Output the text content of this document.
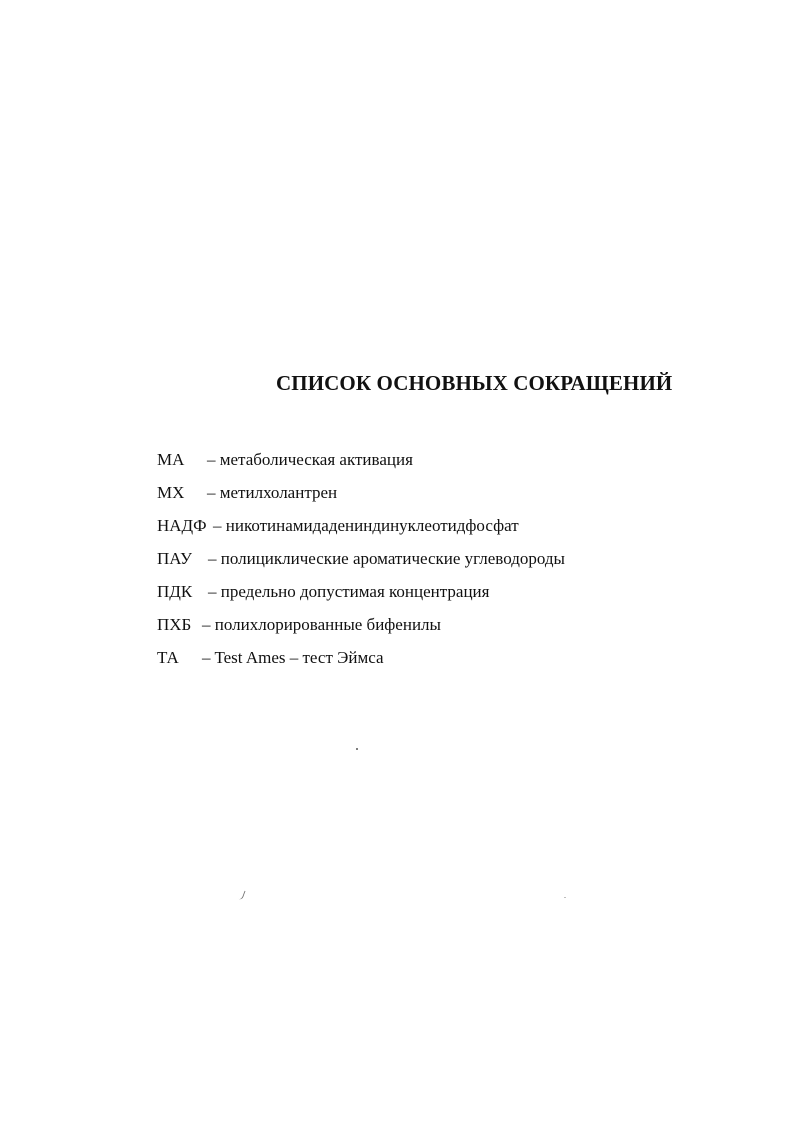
СПИСОК ОСНОВНЫХ СОКРАЩЕНИЙ
МА – метаболическая активация
МХ – метилхолантрен
НАДФ – никотинамидадениндинуклеотидфосфат
ПАУ – полициклические ароматические углеводороды
ПДК – предельно допустимая концентрация
ПХБ – полихлорированные бифенилы
ТА – Test Ames – тест Эймса
